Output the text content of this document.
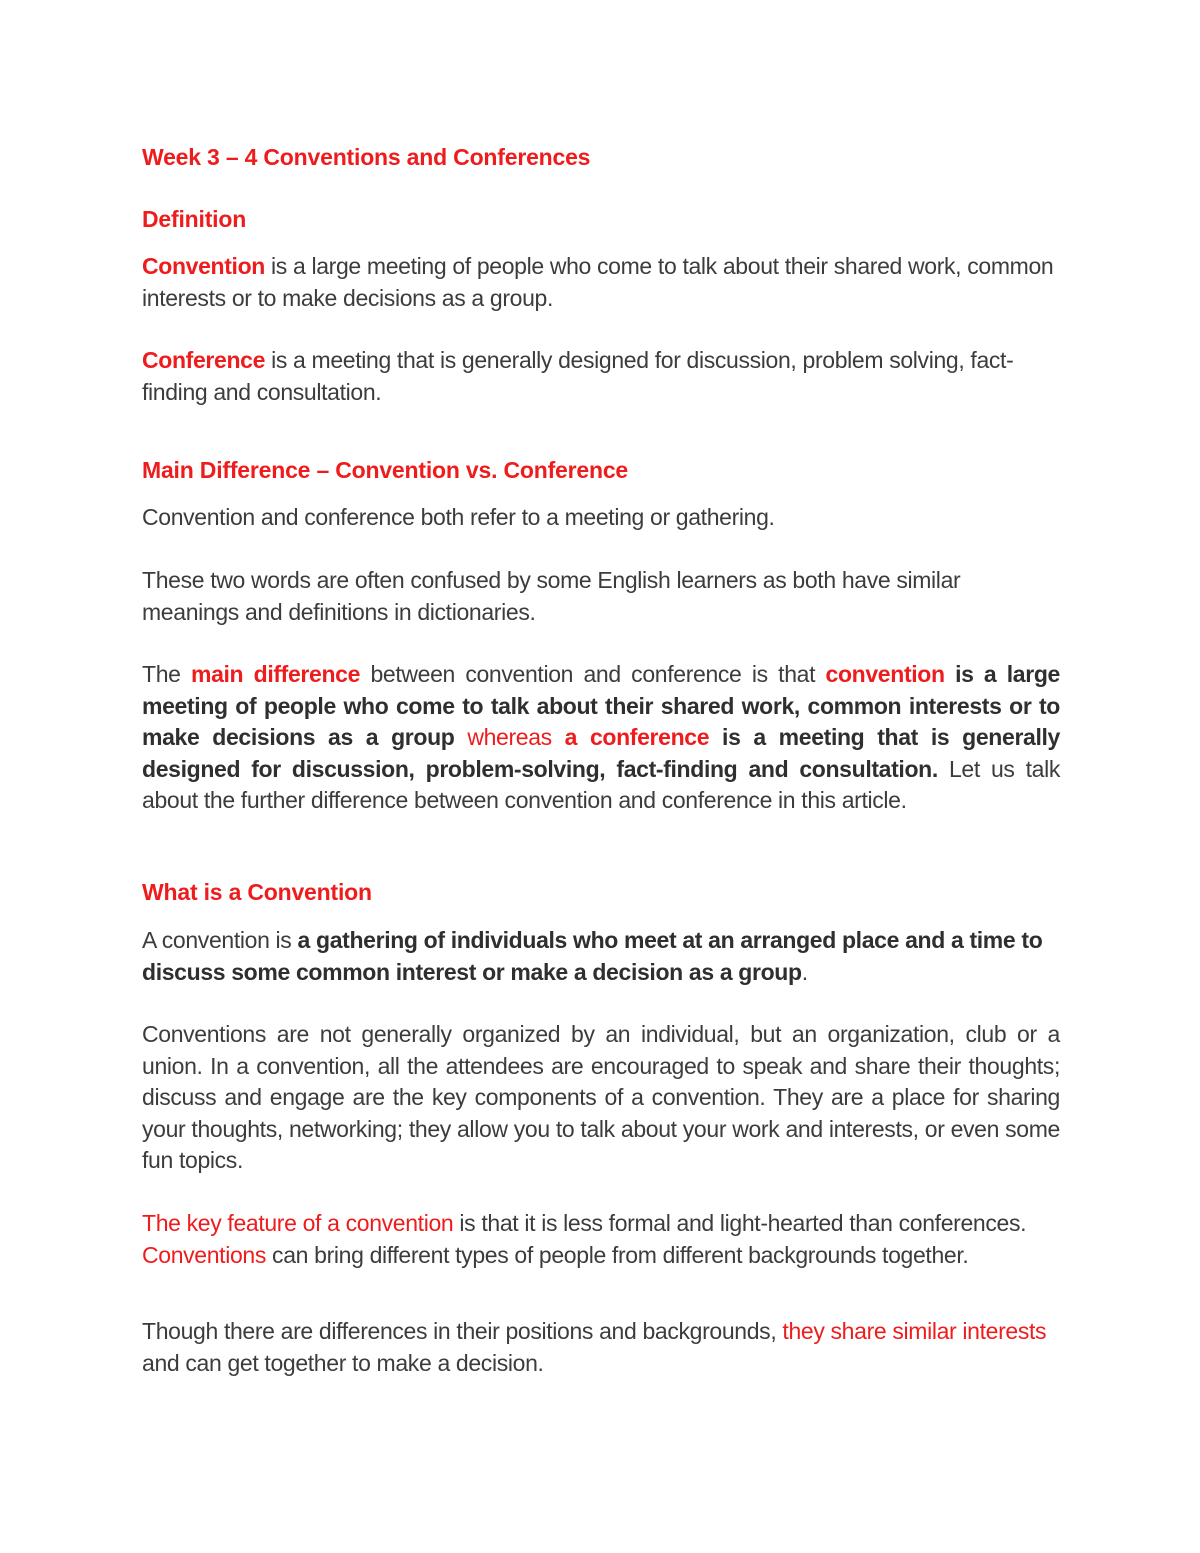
Week 3 – 4 Conventions and Conferences

Definition

Convention is a large meeting of people who come to talk about their shared work, common interests or to make decisions as a group.

Conference is a meeting that is generally designed for discussion, problem solving, fact-finding and consultation.

Main Difference – Convention vs. Conference

Convention and conference both refer to a meeting or gathering.

These two words are often confused by some English learners as both have similar meanings and definitions in dictionaries.

The main difference between convention and conference is that convention is a large meeting of people who come to talk about their shared work, common interests or to make decisions as a group whereas a conference is a meeting that is generally designed for discussion, problem-solving, fact-finding and consultation. Let us talk about the further difference between convention and conference in this article.

What is a Convention

A convention is a gathering of individuals who meet at an arranged place and a time to discuss some common interest or make a decision as a group.

Conventions are not generally organized by an individual, but an organization, club or a union. In a convention, all the attendees are encouraged to speak and share their thoughts; discuss and engage are the key components of a convention. They are a place for sharing your thoughts, networking; they allow you to talk about your work and interests, or even some fun topics.

The key feature of a convention is that it is less formal and light-hearted than conferences.
Conventions can bring different types of people from different backgrounds together.

Though there are differences in their positions and backgrounds, they share similar interests and can get together to make a decision.
